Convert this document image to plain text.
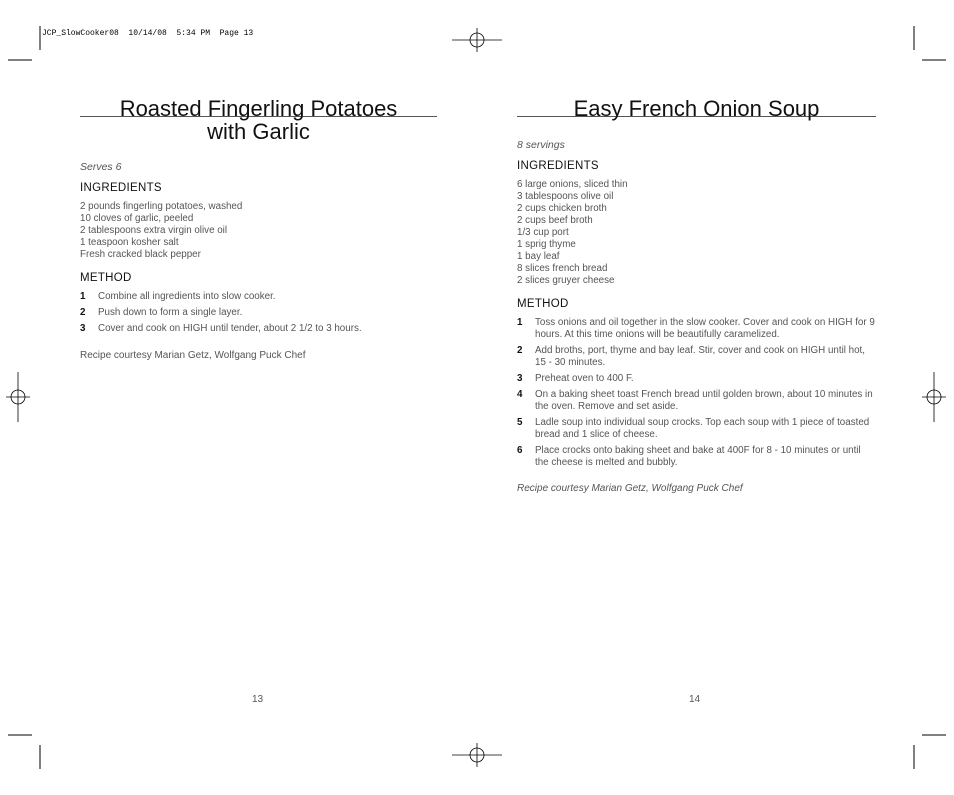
JCP_SlowCooker08  10/14/08  5:34 PM  Page 13
Roasted Fingerling Potatoes
with Garlic
Serves 6
INGREDIENTS
2 pounds fingerling potatoes, washed
10 cloves of garlic, peeled
2 tablespoons extra virgin olive oil
1 teaspoon kosher salt
Fresh cracked black pepper
METHOD
1	Combine all ingredients into slow cooker.
2	Push down to form a single layer.
3	Cover and cook on HIGH until tender, about 2 1/2 to 3 hours.
Recipe courtesy Marian Getz, Wolfgang Puck Chef
13
Easy French Onion Soup
8 servings
INGREDIENTS
6 large onions, sliced thin
3 tablespoons olive oil
2 cups chicken broth
2 cups beef broth
1/3 cup port
1 sprig thyme
1 bay leaf
8 slices french bread
2 slices gruyer cheese
METHOD
1	Toss onions and oil together in the slow cooker. Cover and cook on HIGH for 9 hours. At this time onions will be beautifully caramelized.
2	Add broths, port, thyme and bay leaf. Stir, cover and cook on HIGH until hot, 15 - 30 minutes.
3	Preheat oven to 400 F.
4	On a baking sheet toast French bread until golden brown, about 10 minutes in the oven. Remove and set aside.
5	Ladle soup into individual soup crocks. Top each soup with 1 piece of toasted bread and 1 slice of cheese.
6	Place crocks onto baking sheet and bake at 400F for 8 - 10 minutes or until the cheese is melted and bubbly.
Recipe courtesy Marian Getz, Wolfgang Puck Chef
14
